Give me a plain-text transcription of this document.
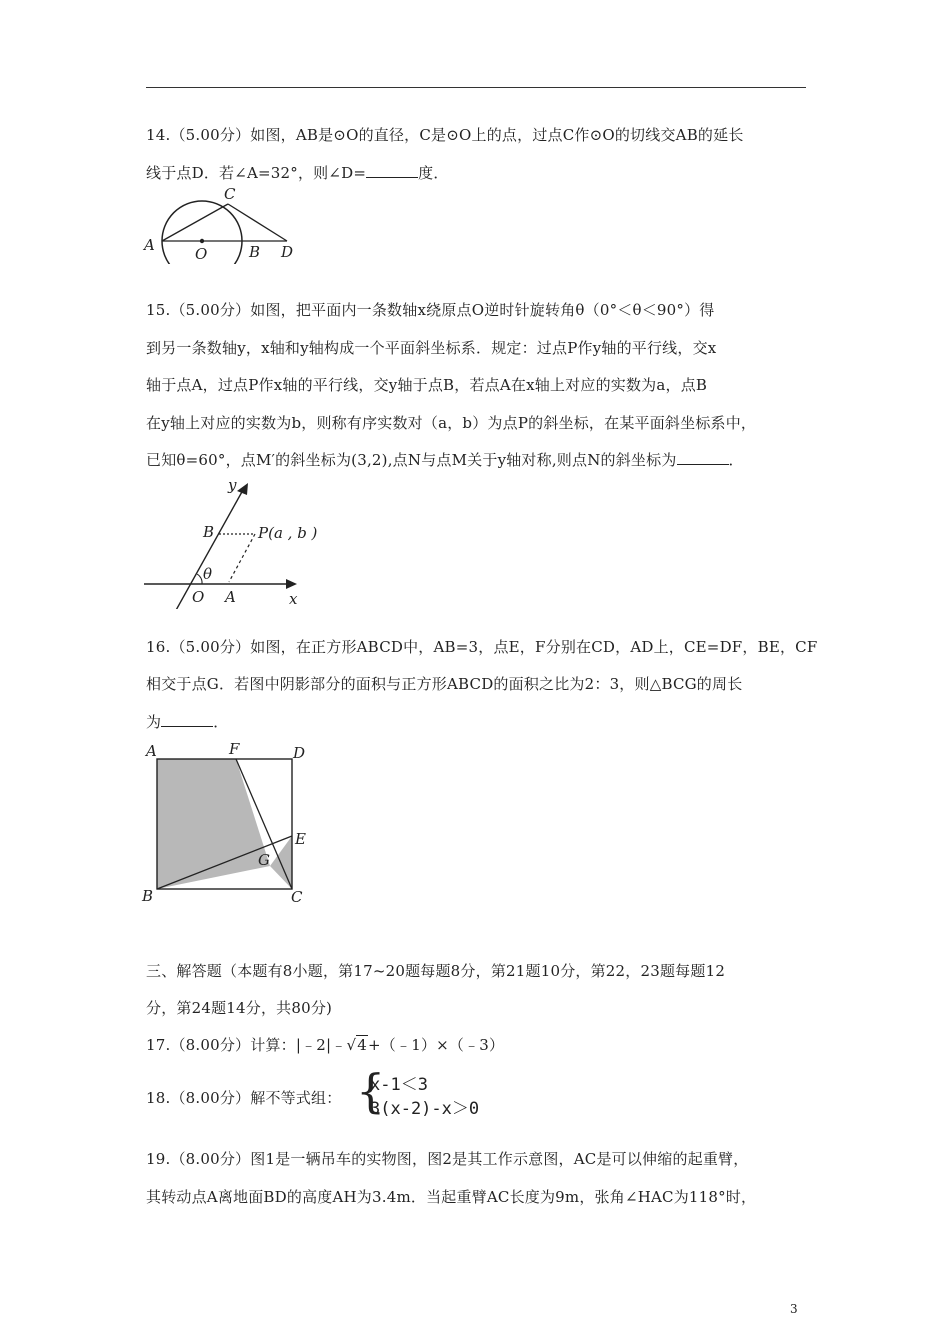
14.（5.00分）如图，AB是⊙O的直径，C是⊙O上的点，过点C作⊙O的切线交AB的延长
线于点D．若∠A=32°，则∠D=	度．
A	O	B D
C
15.（5.00分）如图，把平面内一条数轴x绕原点O逆时针旋转角θ（0°＜θ＜90°）得
到另一条数轴y，x轴和y轴构成一个平面斜坐标系．规定：过点P作y轴的平行线，交x
轴于点A，过点P作x轴的平行线，交y轴于点B，若点A在x轴上对应的实数为a，点B
在y轴上对应的实数为b，则称有序实数对（a，b）为点P的斜坐标，在某平面斜坐标系中，
已知θ=60°，点M′的斜坐标为(3,2),点N与点M关于y轴对称,则点N的斜坐标为	．
y
B	P(a , b )
θ
O A	x
16.（5.00分）如图，在正方形ABCD中，AB=3，点E，F分别在CD，AD上，CE=DF，BE，CF
相交于点G．若图中阴影部分的面积与正方形ABCD的面积之比为2：3，则△BCG的周长
为	．
A	F	D
E
G
B	C
三、解答题（本题有8小题，第17~20题每题8分，第21题10分，第22，23题每题12
分，第24题14分，共80分)
17.（8.00分）计算：|﹣2|﹣√4+（﹣1）×（﹣3）
18.（8.00分）解不等式组： {
x-1＜3
3(x-2)-x＞0
19.（8.00分）图1是一辆吊车的实物图，图2是其工作示意图，AC是可以伸缩的起重臂，
其转动点A离地面BD的高度AH为3.4m．当起重臂AC长度为9m，张角∠HAC为118°时，
3
